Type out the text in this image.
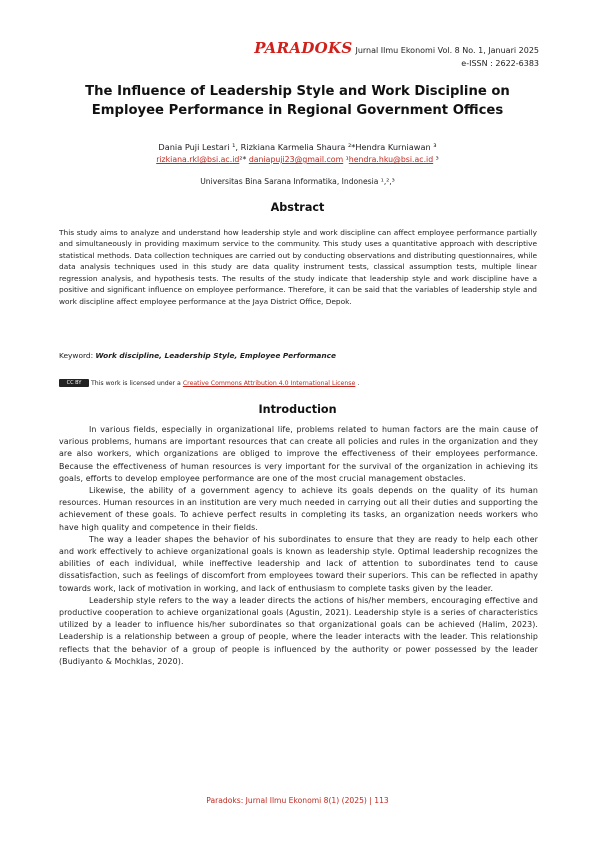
PARADOKS Jurnal Ilmu Ekonomi Vol. 8 No. 1, Januari 2025
e-ISSN : 2622-6383
The Influence of Leadership Style and Work Discipline on
Employee Performance in Regional Government Offices
Dania Puji Lestari ¹, Rizkiana Karmelia Shaura ²*Hendra Kurniawan ³
rizkiana.rkl@bsi.ac.id²* daniapuji23@gmail.com ¹hendra.hku@bsi.ac.id ³
Universitas Bina Sarana Informatika, Indonesia ¹,²,³
Abstract
This study aims to analyze and understand how leadership style and work discipline can affect employee performance partially and simultaneously in providing maximum service to the community. This study uses a quantitative approach with descriptive statistical methods. Data collection techniques are carried out by conducting observations and distributing questionnaires, while data analysis techniques used in this study are data quality instrument tests, classical assumption tests, multiple linear regression analysis, and hypothesis tests. The results of the study indicate that leadership style and work discipline have a positive and significant influence on employee performance. Therefore, it can be said that the variables of leadership style and work discipline affect employee performance at the Jaya District Office, Depok.
Keyword: Work discipline, Leadership Style, Employee Performance
CC BY	This work is licensed under a Creative Commons Attribution 4.0 International License .
Introduction

In various fields, especially in organizational life, problems related to human factors are the main cause of various problems, humans are important resources that can create all policies and rules in the organization and they are also workers, which organizations are obliged to improve the effectiveness of their employees performance. Because the effectiveness of human resources is very important for the survival of the organization in achieving its goals, efforts to develop employee performance are one of the most crucial management obstacles.

Likewise, the ability of a government agency to achieve its goals depends on the quality of its human resources. Human resources in an institution are very much needed in carrying out all their duties and supporting the achievement of these goals. To achieve perfect results in completing its tasks, an organization needs workers who have high quality and competence in their fields.

The way a leader shapes the behavior of his subordinates to ensure that they are ready to help each other and work effectively to achieve organizational goals is known as leadership style. Optimal leadership recognizes the abilities of each individual, while ineffective leadership and lack of attention to subordinates tend to cause dissatisfaction, such as feelings of discomfort from employees toward their superiors. This can be reflected in apathy towards work, lack of motivation in working, and lack of enthusiasm to complete tasks given by the leader.

Leadership style refers to the way a leader directs the actions of his/her members, encouraging effective and productive cooperation to achieve organizational goals (Agustin, 2021). Leadership style is a series of characteristics utilized by a leader to influence his/her subordinates so that organizational goals can be achieved (Halim, 2023). Leadership is a relationship between a group of people, where the leader interacts with the leader. This relationship reflects that the behavior of a group of people is influenced by the authority or power possessed by the leader (Budiyanto & Mochklas, 2020).

Paradoks: Jurnal Ilmu Ekonomi 8(1) (2025) | 113
